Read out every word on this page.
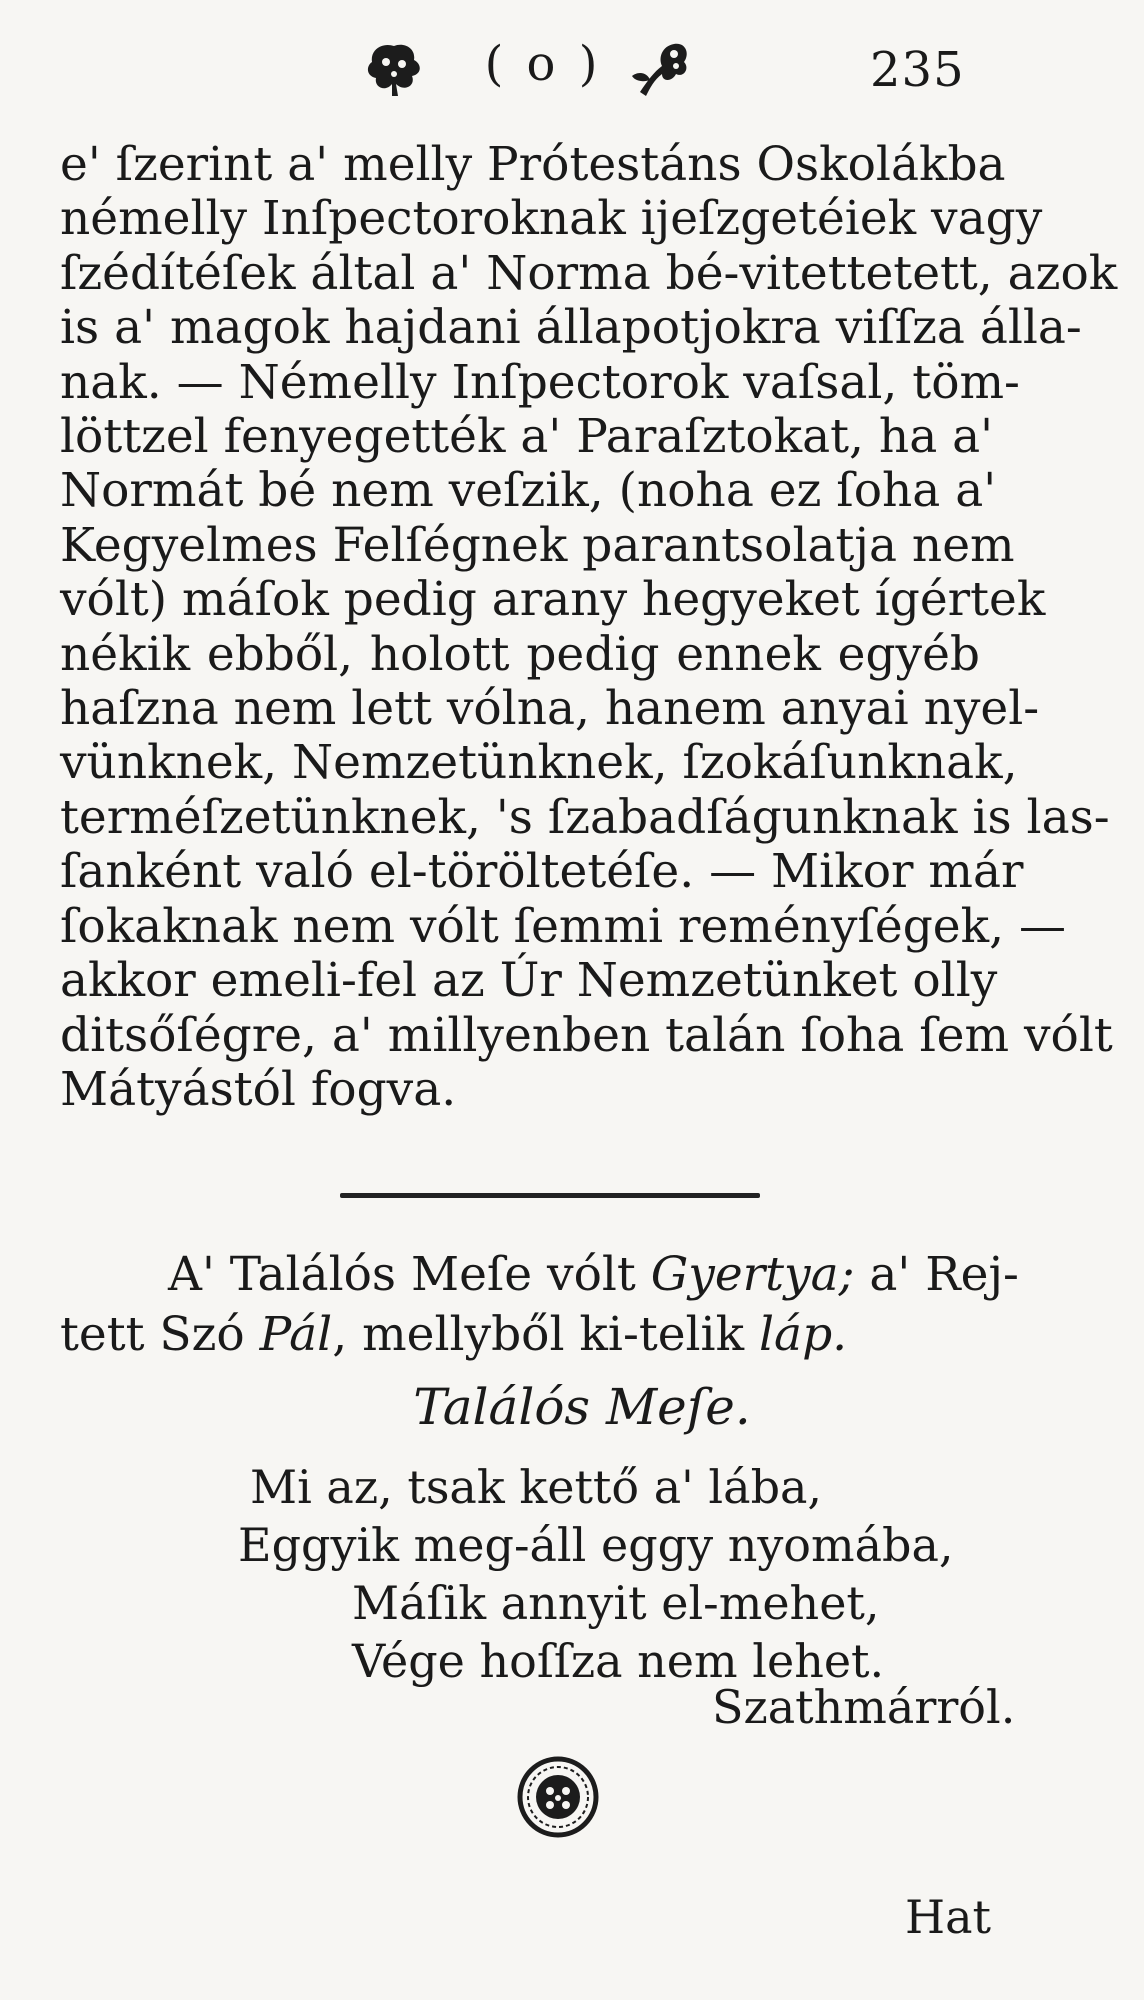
( o )	235
e' ſzerint a' melly Prótestáns Oskolákba
némelly Inſpectoroknak ijeſzgetéiek vagy
ſzédítéſek által a' Norma bé-vitettetett, azok
is a' magok hajdani állapotjokra viſſza álla-
nak. — Némelly Inſpectorok vaſsal, töm-
löttzel fenyegették a' Paraſztokat, ha a'
Normát bé nem veſzik, (noha ez ſoha a'
Kegyelmes Felſégnek parantsolatja nem
vólt) máſok pedig arany hegyeket ígértek
nékik ebből, holott pedig ennek egyéb
haſzna nem lett vólna, hanem anyai nyel-
vünknek, Nemzetünknek, ſzokáſunknak,
terméſzetünknek, 's ſzabadſágunknak is las-
ſanként való el-töröltetéſe. — Mikor már
ſokaknak nem vólt ſemmi reményſégek, —
akkor emeli-fel az Úr Nemzetünket olly
ditsőſégre, a' millyenben talán ſoha ſem vólt
Mátyástól fogva.
A' Találós Meſe vólt Gyertya; a' Rej-
tett Szó Pál, mellyből ki-telik láp.
Találós Meſe.
Mi az, tsak kettő a' lába,
Eggyik meg-áll eggy nyomába,
Máſik annyit el-mehet,
Vége hoſſza nem lehet.
Szathmárról.
Hat
